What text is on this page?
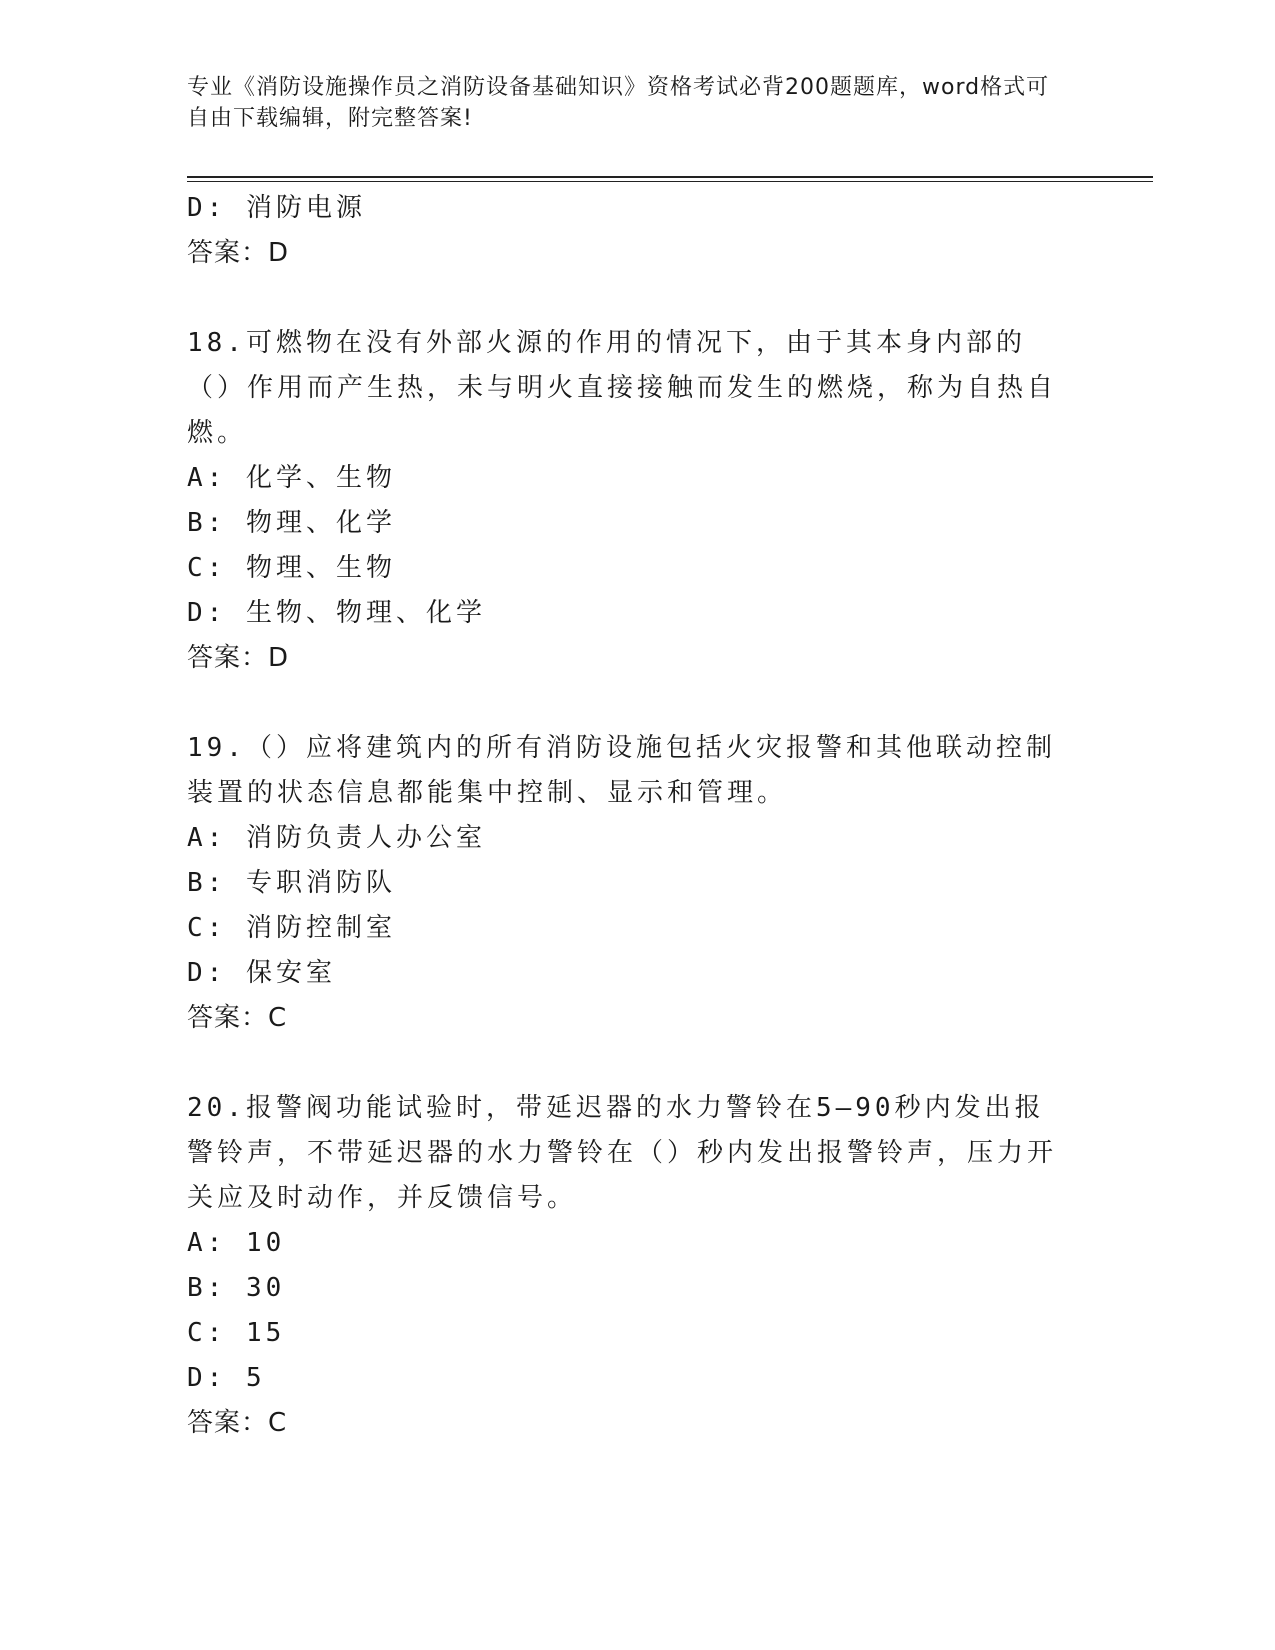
专业《消防设施操作员之消防设备基础知识》资格考试必背200题题库，word格式可自由下载编辑，附完整答案!
D: 消防电源
答案：D
18.可燃物在没有外部火源的作用的情况下，由于其本身内部的（）作用而产生热，未与明火直接接触而发生的燃烧，称为自热自燃。
A: 化学、生物
B: 物理、化学
C: 物理、生物
D: 生物、物理、化学
答案：D
19.（）应将建筑内的所有消防设施包括火灾报警和其他联动控制装置的状态信息都能集中控制、显示和管理。
A: 消防负责人办公室
B: 专职消防队
C: 消防控制室
D: 保安室
答案：C
20.报警阀功能试验时，带延迟器的水力警铃在5—90秒内发出报警铃声，不带延迟器的水力警铃在（）秒内发出报警铃声，压力开关应及时动作，并反馈信号。
A: 10
B: 30
C: 15
D: 5
答案：C
